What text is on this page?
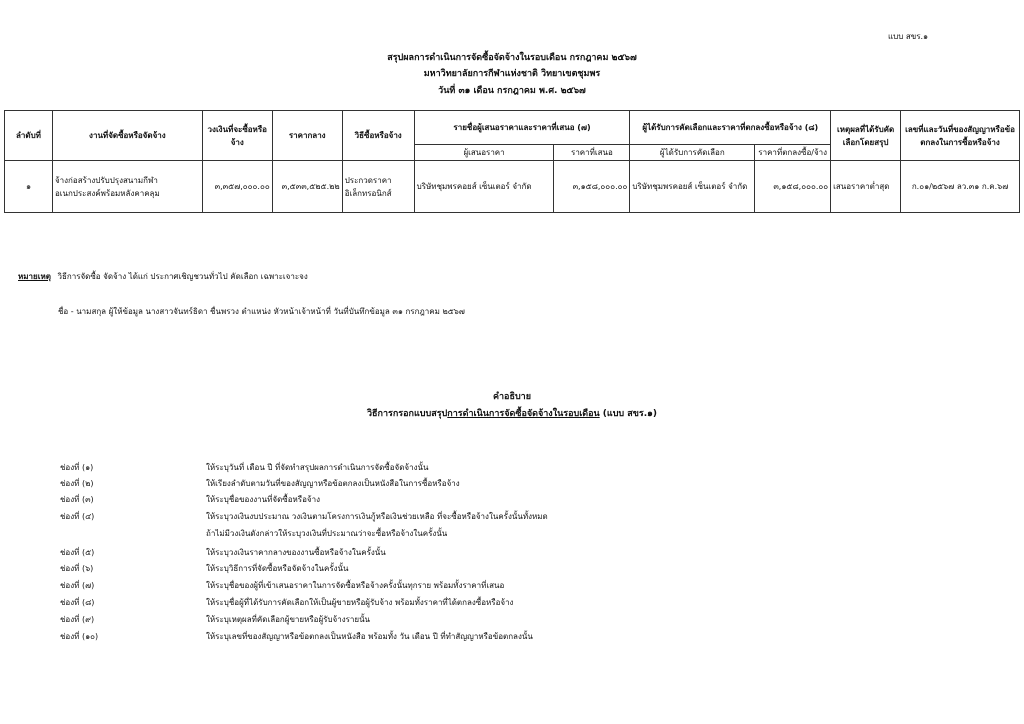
แบบ สขร.๑
สรุปผลการดำเนินการจัดซื้อจัดจ้างในรอบเดือน กรกฎาคม ๒๕๖๗
มหาวิทยาลัยการกีฬาแห่งชาติ วิทยาเขตชุมพร
วันที่ ๓๑ เดือน กรกฎาคม พ.ศ. ๒๕๖๗
ลำดับที่	งานที่จัดซื้อหรือจัดจ้าง	วงเงินที่จะซื้อหรือจ้าง	ราคากลาง	วิธีซื้อหรือจ้าง	รายชื่อผู้เสนอราคาและราคาที่เสนอ (๗)		ผู้ได้รับการคัดเลือกและราคาที่ตกลงซื้อหรือจ้าง (๘)		เหตุผลที่ได้รับคัดเลือกโดยสรุป	เลขที่และวันที่ของสัญญาหรือข้อตกลงในการซื้อหรือจ้าง
					ผู้เสนอราคา	ราคาที่เสนอ	ผู้ได้รับการคัดเลือก	ราคาที่ตกลงซื้อ/จ้าง		
๑	จ้างก่อสร้างปรับปรุงสนามกีฬาอเนกประสงค์พร้อมหลังคาคลุม	๓,๓๕๗,๐๐๐.๐๐	๓,๕๓๓,๕๒๕.๒๒	ประกวดราคาอิเล็กทรอนิกส์	บริษัทชุมพรคอยส์ เซ็นเตอร์ จำกัด	๓,๑๕๘,๐๐๐.๐๐	บริษัทชุมพรคอยส์ เซ็นเตอร์ จำกัด	๓,๑๕๘,๐๐๐.๐๐	เสนอราคาต่ำสุด	ก.๐๑/๒๕๖๗ ลว.๓๑ ก.ค.๖๗
หมายเหตุ วิธีการจัดซื้อ จัดจ้าง ได้แก่ ประกาศเชิญชวนทั่วไป คัดเลือก เฉพาะเจาะจง
ชื่อ - นามสกุล ผู้ให้ข้อมูล นางสาวจันทร์ธิดา ชื่นพรวง ตำแหน่ง หัวหน้าเจ้าหน้าที่ วันที่บันทึกข้อมูล ๓๑ กรกฎาคม ๒๕๖๗
คำอธิบาย
วิธีการกรอกแบบสรุปการดำเนินการจัดซื้อจัดจ้างในรอบเดือน (แบบ สขร.๑)
ช่องที่ (๑)	ให้ระบุวันที่ เดือน ปี ที่จัดทำสรุปผลการดำเนินการจัดซื้อจัดจ้างนั้น
ช่องที่ (๒)	ให้เรียงลำดับตามวันที่ของสัญญาหรือข้อตกลงเป็นหนังสือในการซื้อหรือจ้าง
ช่องที่ (๓)	ให้ระบุชื่อของงานที่จัดซื้อหรือจ้าง
ช่องที่ (๔)	ให้ระบุวงเงินงบประมาณ วงเงินตามโครงการเงินกู้หรือเงินช่วยเหลือ ที่จะซื้อหรือจ้างในครั้งนั้นทั้งหมด
ถ้าไม่มีวงเงินดังกล่าวให้ระบุวงเงินที่ประมาณว่าจะซื้อหรือจ้างในครั้งนั้น
ช่องที่ (๕)	ให้ระบุวงเงินราคากลางของงานซื้อหรือจ้างในครั้งนั้น
ช่องที่ (๖)	ให้ระบุวิธีการที่จัดซื้อหรือจัดจ้างในครั้งนั้น
ช่องที่ (๗)	ให้ระบุชื่อของผู้ที่เข้าเสนอราคาในการจัดซื้อหรือจ้างครั้งนั้นทุกราย พร้อมทั้งราคาที่เสนอ
ช่องที่ (๘)	ให้ระบุชื่อผู้ที่ได้รับการคัดเลือกให้เป็นผู้ขายหรือผู้รับจ้าง พร้อมทั้งราคาที่ได้ตกลงซื้อหรือจ้าง
ช่องที่ (๙)	ให้ระบุเหตุผลที่คัดเลือกผู้ขายหรือผู้รับจ้างรายนั้น
ช่องที่ (๑๐)	ให้ระบุเลขที่ของสัญญาหรือข้อตกลงเป็นหนังสือ พร้อมทั้ง วัน เดือน ปี ที่ทำสัญญาหรือข้อตกลงนั้น
